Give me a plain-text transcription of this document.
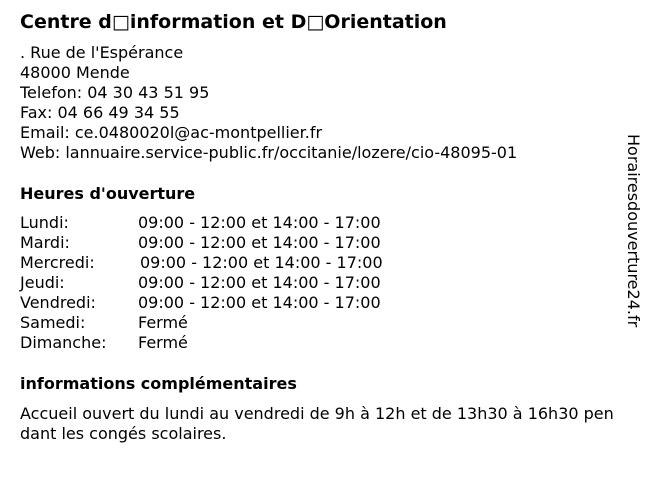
Centre d□information et D□Orientation
. Rue de l'Espérance
48000 Mende
Telefon: 04 30 43 51 95
Fax: 04 66 49 34 55
Email: ce.0480020l@ac-montpellier.fr
Web: lannuaire.service-public.fr/occitanie/lozere/cio-48095-01
Heures d'ouverture
Lundi:	09:00 - 12:00 et 14:00 - 17:00
Mardi:	09:00 - 12:00 et 14:00 - 17:00
Mercredi:	09:00 - 12:00 et 14:00 - 17:00
Jeudi:	09:00 - 12:00 et 14:00 - 17:00
Vendredi:	09:00 - 12:00 et 14:00 - 17:00
Samedi:	Fermé
Dimanche: Fermé
informations complémentaires
Accueil ouvert du lundi au vendredi de 9h à 12h et de 13h30 à 16h30 pendant les congés scolaires.
Horairesdouverture24.fr
